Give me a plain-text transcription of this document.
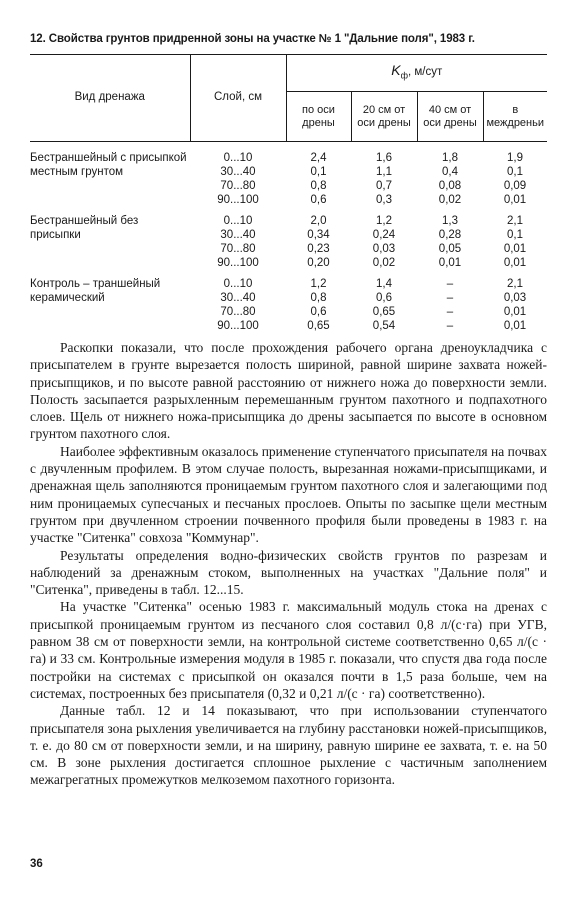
12. Свойства грунтов придренной зоны на участке № 1 "Дальние поля", 1983 г.
Вид дренажа	Слой, см	$K_ф$, м/сут			
		по оси дрены	20 см от оси дрены	40 см от оси дрены	в междреньи
Бестраншейный с присыпкой местным грунтом	0...10	2,4	1,6	1,8	1,9
	30...40	0,1	1,1	0,4	0,1
	70...80	0,8	0,7	0,08	0,09
	90...100	0,6	0,3	0,02	0,01
Бестраншейный без присыпки	0...10	2,0	1,2	1,3	2,1
	30...40	0,34	0,24	0,28	0,1
	70...80	0,23	0,03	0,05	0,01
	90...100	0,20	0,02	0,01	0,01
Контроль – траншейный керамический	0...10	1,2	1,4	–	2,1
	30...40	0,8	0,6	–	0,03
	70...80	0,6	0,65	–	0,01
	90...100	0,65	0,54	–	0,01

Раскопки показали, что после прохождения рабочего органа дреноукладчика с присыпателем в грунте вырезается полость шириной, равной ширине захвата ножей-присыпщиков, и по высоте равной расстоянию от нижнего ножа до поверхности земли. Полость засыпается разрыхленным перемешанным грунтом пахотного и подпахотного слоев. Щель от нижнего ножа-присыпщика до дрены засыпается по высоте в основном грунтом пахотного слоя.

Наиболее эффективным оказалось применение ступенчатого присыпателя на почвах с двучленным профилем. В этом случае полость, вырезанная ножами-присыпщиками, и дренажная щель заполняются проницаемым грунтом пахотного слоя и залегающими под ним проницаемых супесчаных и песчаных прослоев. Опыты по засыпке щели местным грунтом при двучленном строении почвенного профиля были проведены в 1983 г. на участке "Ситенка" совхоза "Коммунар".

Результаты определения водно-физических свойств грунтов по разрезам и наблюдений за дренажным стоком, выполненных на участках "Дальние поля" и "Ситенка", приведены в табл. 12...15.

На участке "Ситенка" осенью 1983 г. максимальный модуль стока на дренах с присыпкой проницаемым грунтом из песчаного слоя составил 0,8 л/(с·га) при УГВ, равном 38 см от поверхности земли, на контрольной системе соответственно 0,65 л/(с · га) и 33 см. Контрольные измерения модуля в 1985 г. показали, что спустя два года после постройки на системах с присыпкой он оказался почти в 1,5 раза больше, чем на системах, построенных без присыпателя (0,32 и 0,21 л/(с · га) соответственно).

Данные табл. 12 и 14 показывают, что при использовании ступенчатого присыпателя зона рыхления увеличивается на глубину расстановки ножей-присыпщиков, т. е. до 80 см от поверхности земли, и на ширину, равную ширине ее захвата, т. е. на 50 см. В зоне рыхления достигается сплошное рыхление с частичным заполнением межагрегатных промежутков мелкоземом пахотного горизонта.

36
